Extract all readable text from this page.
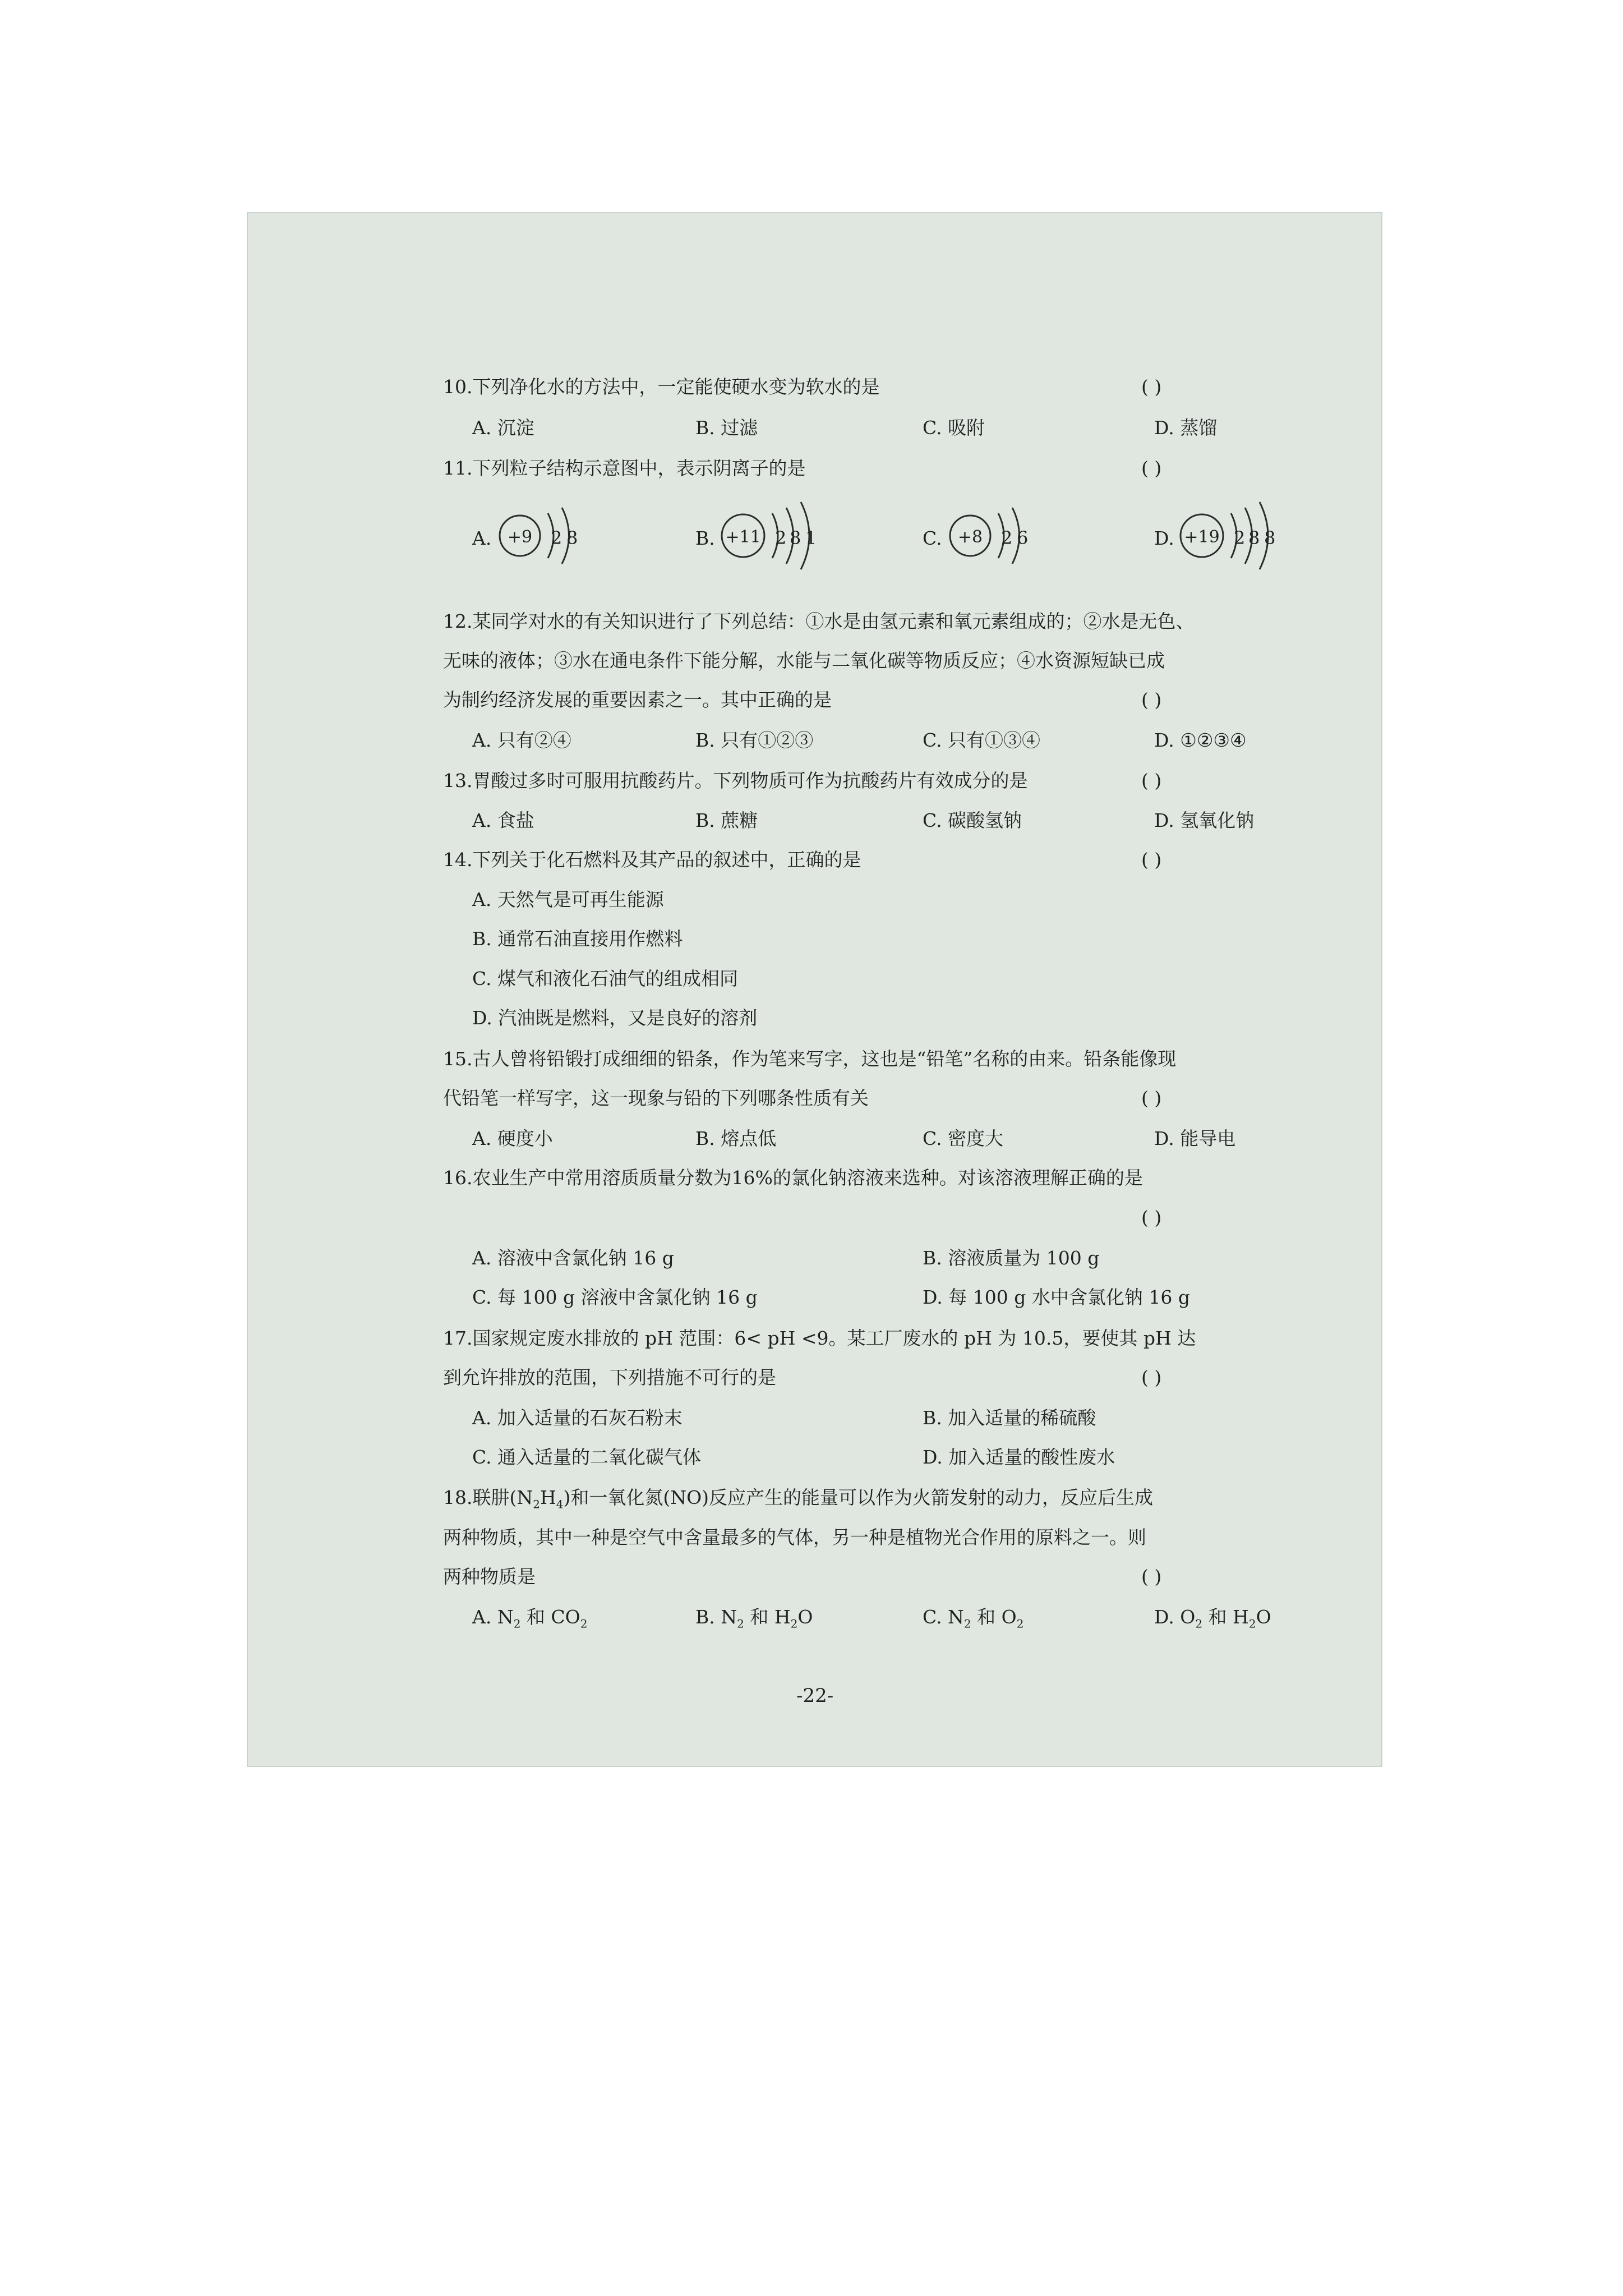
10.下列净化水的方法中，一定能使硬水变为软水的是	( )
A. 沉淀	B. 过滤	C. 吸附	D. 蒸馏
11.下列粒子结构示意图中，表示阴离子的是	( )
A. +9	2 8	B. +11 2 8 1	C. +8	2 6	D. +19 2 8 8
12.某同学对水的有关知识进行了下列总结：①水是由氢元素和氧元素组成的；②水是无色、
无味的液体；③水在通电条件下能分解，水能与二氧化碳等物质反应；④水资源短缺已成
为制约经济发展的重要因素之一。其中正确的是	( )
A. 只有②④	B. 只有①②③	C. 只有①③④	D. ①②③④
13.胃酸过多时可服用抗酸药片。下列物质可作为抗酸药片有效成分的是	( )
A. 食盐	B. 蔗糖	C. 碳酸氢钠	D. 氢氧化钠
14.下列关于化石燃料及其产品的叙述中，正确的是	( )
A. 天然气是可再生能源
B. 通常石油直接用作燃料
C. 煤气和液化石油气的组成相同
D. 汽油既是燃料，又是良好的溶剂
15.古人曾将铅锻打成细细的铅条，作为笔来写字，这也是“铅笔”名称的由来。铅条能像现
代铅笔一样写字，这一现象与铅的下列哪条性质有关	( )
A. 硬度小	B. 熔点低	C. 密度大	D. 能导电
16.农业生产中常用溶质质量分数为16%的氯化钠溶液来选种。对该溶液理解正确的是
( )
A. 溶液中含氯化钠 16 g	B. 溶液质量为 100 g
C. 每 100 g 溶液中含氯化钠 16 g	D. 每 100 g 水中含氯化钠 16 g
17.国家规定废水排放的 pH 范围：6< pH <9。某工厂废水的 pH 为 10.5，要使其 pH 达
到允许排放的范围，下列措施不可行的是	( )
A. 加入适量的石灰石粉末	B. 加入适量的稀硫酸
C. 通入适量的二氧化碳气体	D. 加入适量的酸性废水
18.联肼$(N_2H_4)$和一氧化氮(NO)反应产生的能量可以作为火箭发射的动力，反应后生成
两种物质，其中一种是空气中含量最多的气体，另一种是植物光合作用的原料之一。则
两种物质是	( )
A. $N_2$ 和 $CO_2$	B. $N_2$ 和 $H_2O$	C. $N_2$ 和 $O_2$	D. $O_2$ 和 $H_2O$
-22-
